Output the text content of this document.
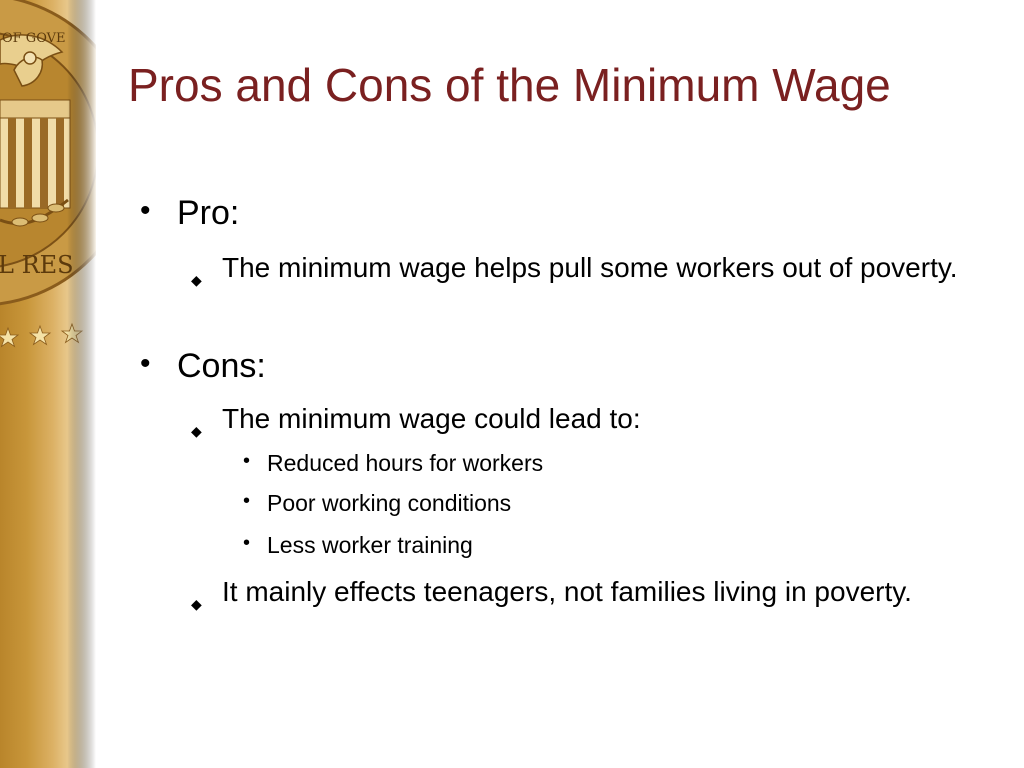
Pros and Cons of the Minimum Wage
• Pro:
◆ The minimum wage helps pull some workers out of poverty.
• Cons:
◆ The minimum wage could lead to:
• Reduced hours for workers
• Poor working conditions
• Less worker training
◆ It mainly effects teenagers, not families living in poverty.
